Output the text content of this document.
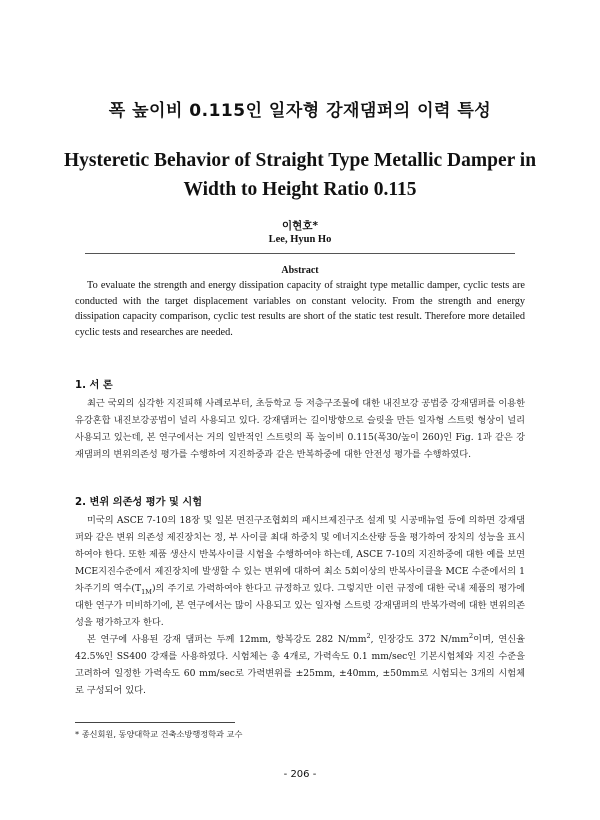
폭 높이비 0.115인 일자형 강재댐퍼의 이력 특성
Hysteretic Behavior of Straight Type Metallic Damper in
Width to Height Ratio 0.115
이현호*
Lee, Hyun Ho
Abstract
To evaluate the strength and energy dissipation capacity of straight type metallic damper, cyclic tests are conducted with the target displacement variables on constant velocity. From the strength and energy dissipation capacity comparison, cyclic test results are short of the static test result. Therefore more detailed cyclic tests and researches are needed.
1. 서 론

최근 국외의 심각한 지진피해 사례로부터, 초등학교 등 저층구조물에 대한 내진보강 공법중 강재댐퍼를 이용한 유강혼합 내진보강공법이 널리 사용되고 있다. 강재댐퍼는 길이방향으로 슬릿을 만든 일자형 스트럿 형상이 널리 사용되고 있는데, 본 연구에서는 거의 일반적인 스트럿의 폭 높이비 0.115(폭30/높이 260)인 Fig. 1과 같은 강재댐퍼의 변위의존성 평가를 수행하여 지진하중과 같은 반복하중에 대한 안전성 평가를 수행하였다.

2. 변위 의존성 평가 및 시험

미국의 ASCE 7-10의 18장 및 일본 면진구조협회의 패시브제진구조 설계 및 시공매뉴얼 등에 의하면 강재댐퍼와 같은 변위 의존성 제진장치는 정, 부 사이클 최대 하중치 및 에너지소산량 등을 평가하여 장치의 성능을 표시하여야 한다. 또한 제품 생산시 반복사이클 시험을 수행하여야 하는데, ASCE 7-10의 지진하중에 대한 예를 보면 MCE지진수준에서 제진장치에 발생할 수 있는 변위에 대하여 최소 5회이상의 반복사이클을 MCE 수준에서의 1차주기의 역수$(T_{1M})$의 주기로 가력하여야 한다고 규정하고 있다. 그렇지만 이런 규정에 대한 국내 제품의 평가에 대한 연구가 미비하기에, 본 연구에서는 많이 사용되고 있는 일자형 스트럿 강재댐퍼의 반복가력에 대한 변위의존성을 평가하고자 한다.

본 연구에 사용된 강재 댐퍼는 두께 12mm, 항복강도 282 $N/mm^2$, 인장강도 372 $N/mm^2$이며, 연신율 42.5%인 SS400 강재를 사용하였다. 시험체는 총 4개로, 가력속도 0.1 mm/sec인 기본시험체와 지진 수준을 고려하여 일정한 가력속도 60 mm/sec로 가력변위를 ±25mm, ±40mm, ±50mm로 시험되는 3개의 시험체로 구성되어 있다.

* 종신회원, 동양대학교 건축소방행정학과 교수
- 206 -
